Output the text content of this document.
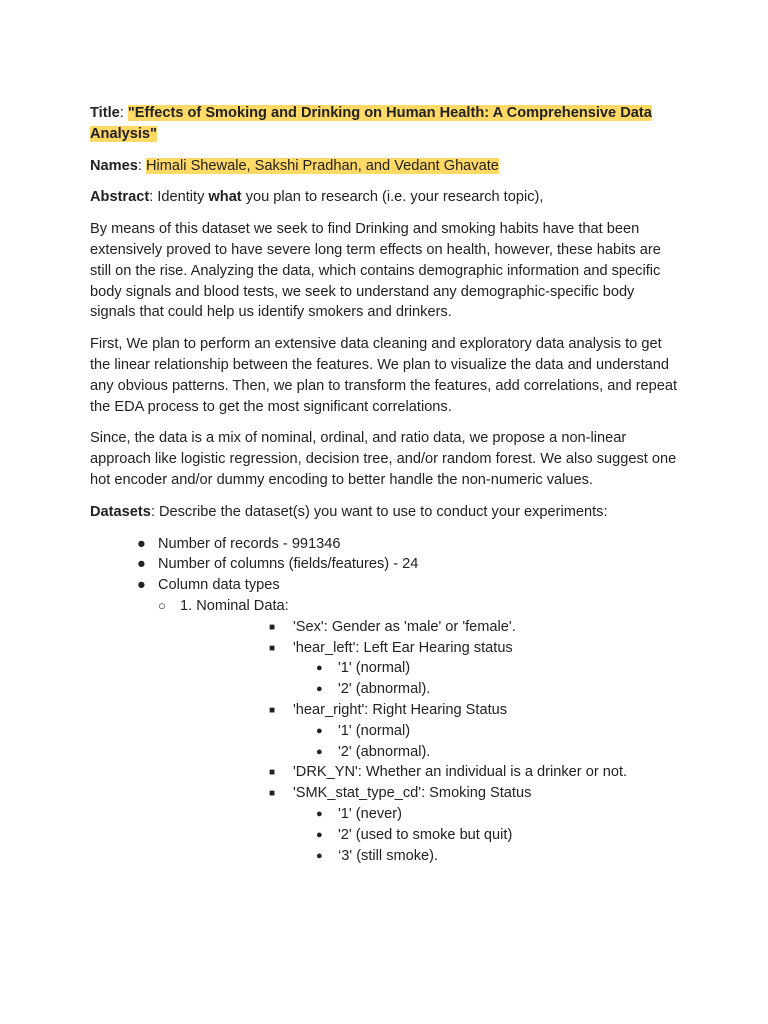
Title: "Effects of Smoking and Drinking on Human Health: A Comprehensive Data Analysis"

Names: Himali Shewale, Sakshi Pradhan, and Vedant Ghavate

Abstract: Identity what you plan to research (i.e. your research topic),

By means of this dataset we seek to find Drinking and smoking habits have that been extensively proved to have severe long term effects on health, however, these habits are still on the rise. Analyzing the data, which contains demographic information and specific body signals and blood tests, we seek to understand any demographic-specific body signals that could help us identify smokers and drinkers.

First, We plan to perform an extensive data cleaning and exploratory data analysis to get the linear relationship between the features. We plan to visualize the data and understand any obvious patterns. Then, we plan to transform the features, add correlations, and repeat the EDA process to get the most significant correlations.

Since, the data is a mix of nominal, ordinal, and ratio data, we propose a non-linear approach like logistic regression, decision tree, and/or random forest. We also suggest one hot encoder and/or dummy encoding to better handle the non-numeric values.

Datasets: Describe the dataset(s) you want to use to conduct your experiments:

● Number of records - 991346
● Number of columns (fields/features) - 24
● Column data types
○ 1. Nominal Data:
■ 'Sex': Gender as 'male' or 'female'.
■ 'hear_left': Left Ear Hearing status
● '1' (normal)
● '2' (abnormal).
■ 'hear_right': Right Hearing Status
● '1' (normal)
● '2' (abnormal).
■ 'DRK_YN': Whether an individual is a drinker or not.
■ 'SMK_stat_type_cd': Smoking Status
● '1' (never)
● '2' (used to smoke but quit)
● ‘3' (still smoke).
